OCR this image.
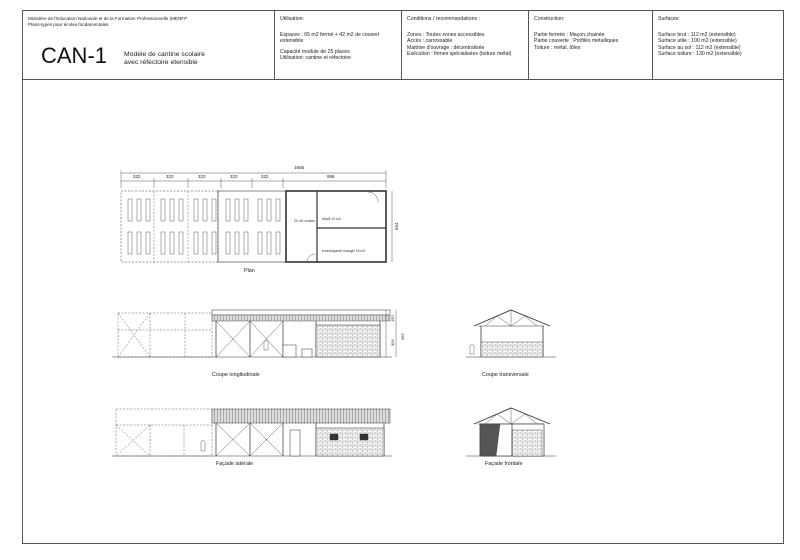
Ministère de l'Education Nationale et de la Formation Professionnelle (MENFP
Plans-types pour écoles fondamentales
CAN-1 Modèle de cantine scolaire
avec réfectoire etensible
Utilisation:
Espaces : 65 m2 fermé + 42 m2 de couvert
extensible
Capacité module de 25 places
Utilisation: cantine et réfectoire
Conditions / recommandations :
Zones : Toutes zones accessibles
Accès : carrossable
Maitrise d'ouvrage : décentralisée
Exécution : firmes spécialisées (toiture métal)
Construction:
Partie fermée : Maçon,chainée
Partie couverte : Profilés métalliques
Toiture : métal, tôles
Surfaces:
Surface brut : 112 m2 (extensible)
Surface utile : 100 m2 (extensible)
Surface au sol : 112 m2 (extensible)
Surface toiture : 130 m2 (extensible)
1665
322	322	322	322	322	986
664
20 m2 cuisine dépôt 10 m2
bureau/garde-manger 18 m2
150
305
455
Plan
Coupe longitudinale	Coupe transversale
Façade latérale	Façade frontale
